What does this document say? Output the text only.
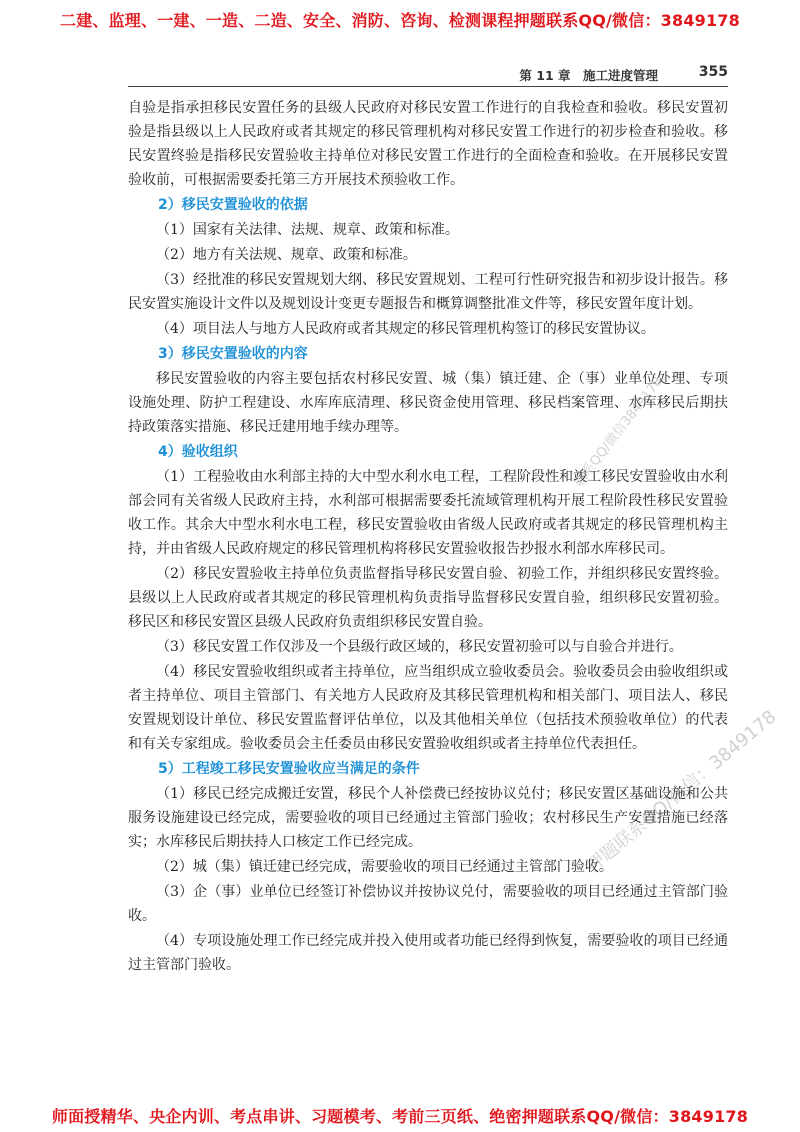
二建、监理、一建、一造、二造、安全、消防、咨询、检测课程押题联系QQ/微信：3849178
第 11 章　施工进度管理	355

自验是指承担移民安置任务的县级人民政府对移民安置工作进行的自我检查和验收。移民安置初验是指县级以上人民政府或者其规定的移民管理机构对移民安置工作进行的初步检查和验收。移民安置终验是指移民安置验收主持单位对移民安置工作进行的全面检查和验收。在开展移民安置验收前，可根据需要委托第三方开展技术预验收工作。

2）移民安置验收的依据

（1）国家有关法律、法规、规章、政策和标准。

（2）地方有关法规、规章、政策和标准。

（3）经批准的移民安置规划大纲、移民安置规划、工程可行性研究报告和初步设计报告。移民安置实施设计文件以及规划设计变更专题报告和概算调整批准文件等，移民安置年度计划。

（4）项目法人与地方人民政府或者其规定的移民管理机构签订的移民安置协议。

3）移民安置验收的内容

移民安置验收的内容主要包括农村移民安置、城（集）镇迁建、企（事）业单位处理、专项设施处理、防护工程建设、水库库底清理、移民资金使用管理、移民档案管理、水库移民后期扶持政策落实措施、移民迁建用地手续办理等。

4）验收组织

（1）工程验收由水利部主持的大中型水利水电工程，工程阶段性和竣工移民安置验收由水利部会同有关省级人民政府主持，水利部可根据需要委托流域管理机构开展工程阶段性移民安置验收工作。其余大中型水利水电工程，移民安置验收由省级人民政府或者其规定的移民管理机构主持，并由省级人民政府规定的移民管理机构将移民安置验收报告抄报水利部水库移民司。

（2）移民安置验收主持单位负责监督指导移民安置自验、初验工作，并组织移民安置终验。县级以上人民政府或者其规定的移民管理机构负责指导监督移民安置自验，组织移民安置初验。移民区和移民安置区县级人民政府负责组织移民安置自验。

（3）移民安置工作仅涉及一个县级行政区域的，移民安置初验可以与自验合并进行。

（4）移民安置验收组织或者主持单位，应当组织成立验收委员会。验收委员会由验收组织或者主持单位、项目主管部门、有关地方人民政府及其移民管理机构和相关部门、项目法人、移民安置规划设计单位、移民安置监督评估单位，以及其他相关单位（包括技术预验收单位）的代表和有关专家组成。验收委员会主任委员由移民安置验收组织或者主持单位代表担任。

5）工程竣工移民安置验收应当满足的条件

（1）移民已经完成搬迁安置，移民个人补偿费已经按协议兑付；移民安置区基础设施和公共服务设施建设已经完成，需要验收的项目已经通过主管部门验收；农村移民生产安置措施已经落实；水库移民后期扶持人口核定工作已经完成。

（2）城（集）镇迁建已经完成，需要验收的项目已经通过主管部门验收。

（3）企（事）业单位已经签订补偿协议并按协议兑付，需要验收的项目已经通过主管部门验收。

（4）专项设施处理工作已经完成并投入使用或者功能已经得到恢复，需要验收的项目已经通过主管部门验收。

联系QQ/微信3849178
押题联系QQ/微信：3849178
师面授精华、央企内训、考点串讲、习题模考、考前三页纸、绝密押题联系QQ/微信：3849178
